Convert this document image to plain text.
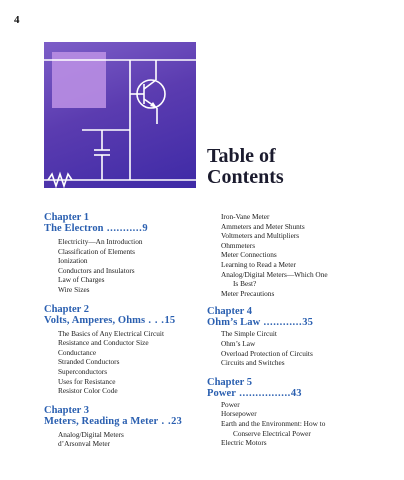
4
Table of
Contents
Chapter 1
The Electron ...........9
Electricity—An Introduction
Classification of Elements
Ionization
Conductors and Insulators
Law of Charges
Wire Sizes
Chapter 2
Volts, Amperes, Ohms . . .15
The Basics of Any Electrical Circuit
Resistance and Conductor Size
Conductance
Stranded Conductors
Superconductors
Uses for Resistance
Resistor Color Code
Chapter 3
Meters, Reading a Meter . .23
Analog/Digital Meters
d’Arsonval Meter
Iron-Vane Meter
Ammeters and Meter Shunts
Voltmeters and Multipliers
Ohmmeters
Meter Connections
Learning to Read a Meter
Analog/Digital Meters—Which One
Is Best?
Meter Precautions
Chapter 4
Ohm’s Law ............35
The Simple Circuit
Ohm’s Law
Overload Protection of Circuits
Circuits and Switches
Chapter 5
Power ................43
Power
Horsepower
Earth and the Environment: How to
Conserve Electrical Power
Electric Motors
